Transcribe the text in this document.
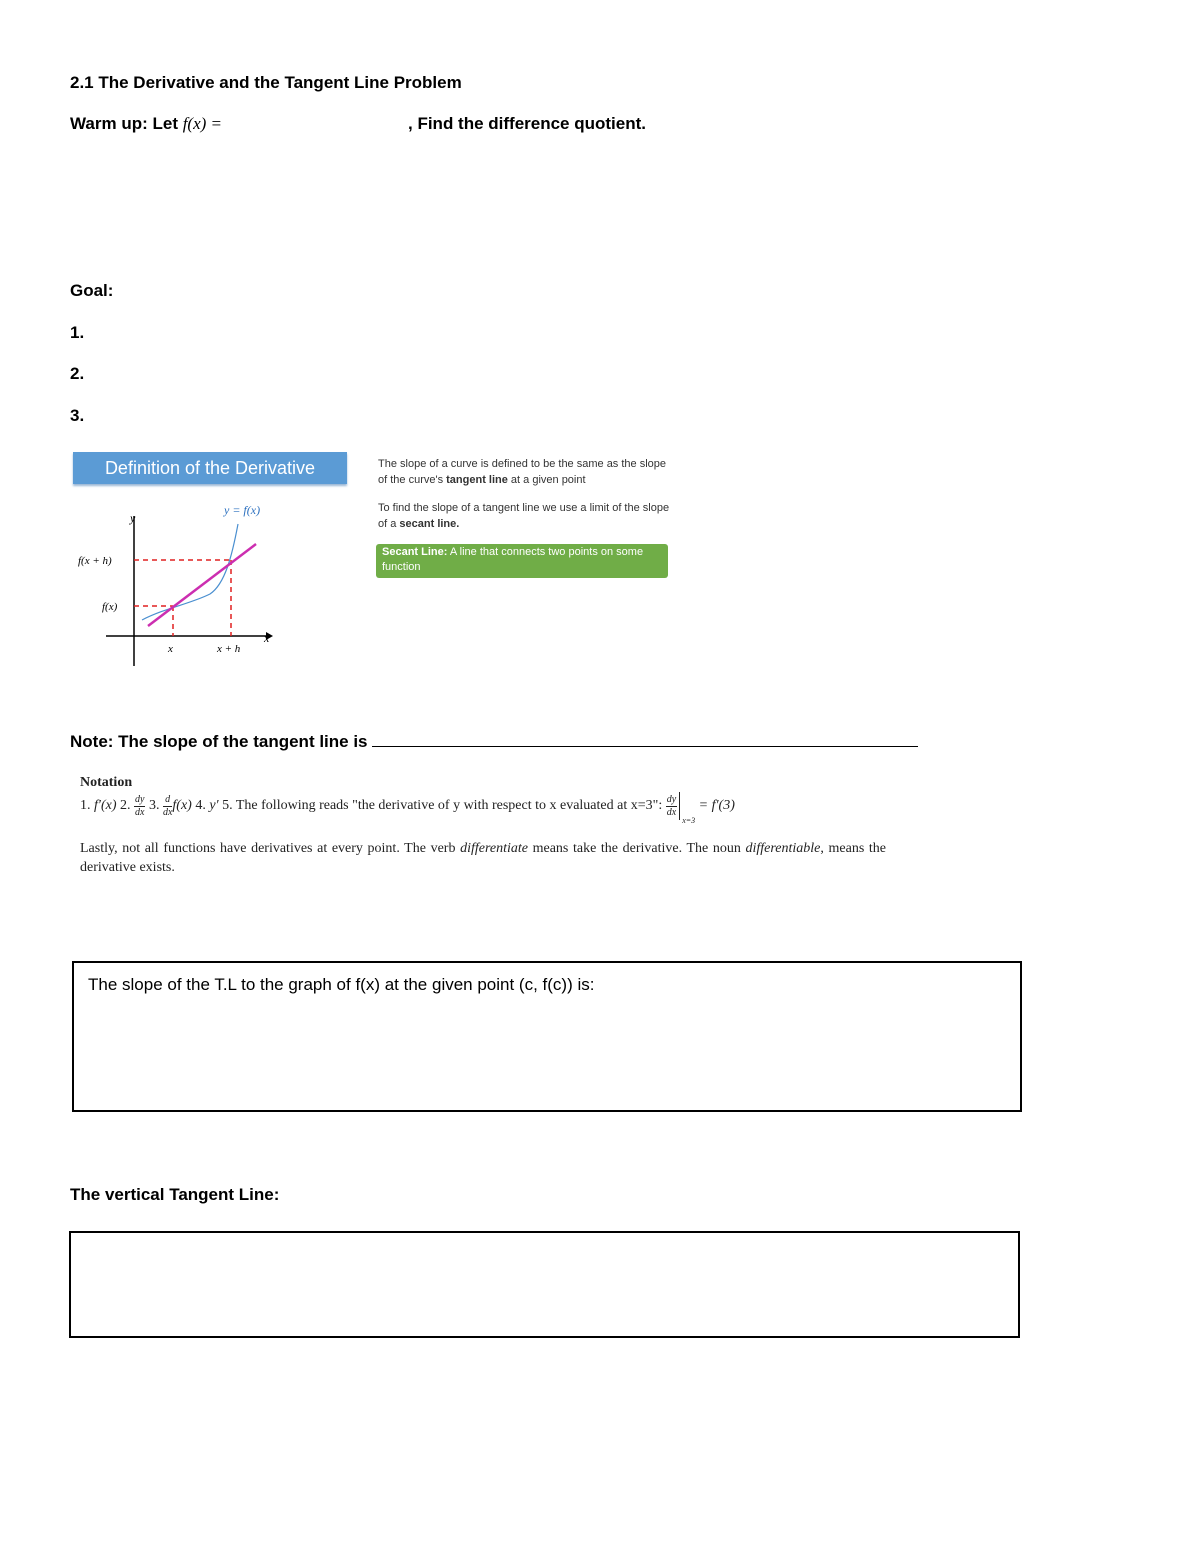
2.1 The Derivative and the Tangent Line Problem
Warm up: Let f(x) =	, Find the difference quotient.
Goal:
1.
2.
3.
Definition of the Derivative
y
x
y = f(x)
f(x + h)
f(x)
x	x + h
The slope of a curve is defined to be the same as the slope of the curve's tangent line at a given point
To find the slope of a tangent line we use a limit of the slope of a secant line.
Secant Line: A line that connects two points on some function
Note: The slope of the tangent line is
Notation
1. f′(x) 2. $\frac{dy}{dx} 3$. $\frac{d}{dx} f(x)$ 4. y′ 5. The following reads "the derivative of y with respect to x evaluated at x=3": $\frac{dy}{dx}$
$_{x=3}$ = f′(3)
Lastly, not all functions have derivatives at every point. The verb differentiate means take the derivative. The noun differentiable, means the derivative exists.
The slope of the T.L to the graph of f(x) at the given point (c, f(c)) is:
The vertical Tangent Line:
